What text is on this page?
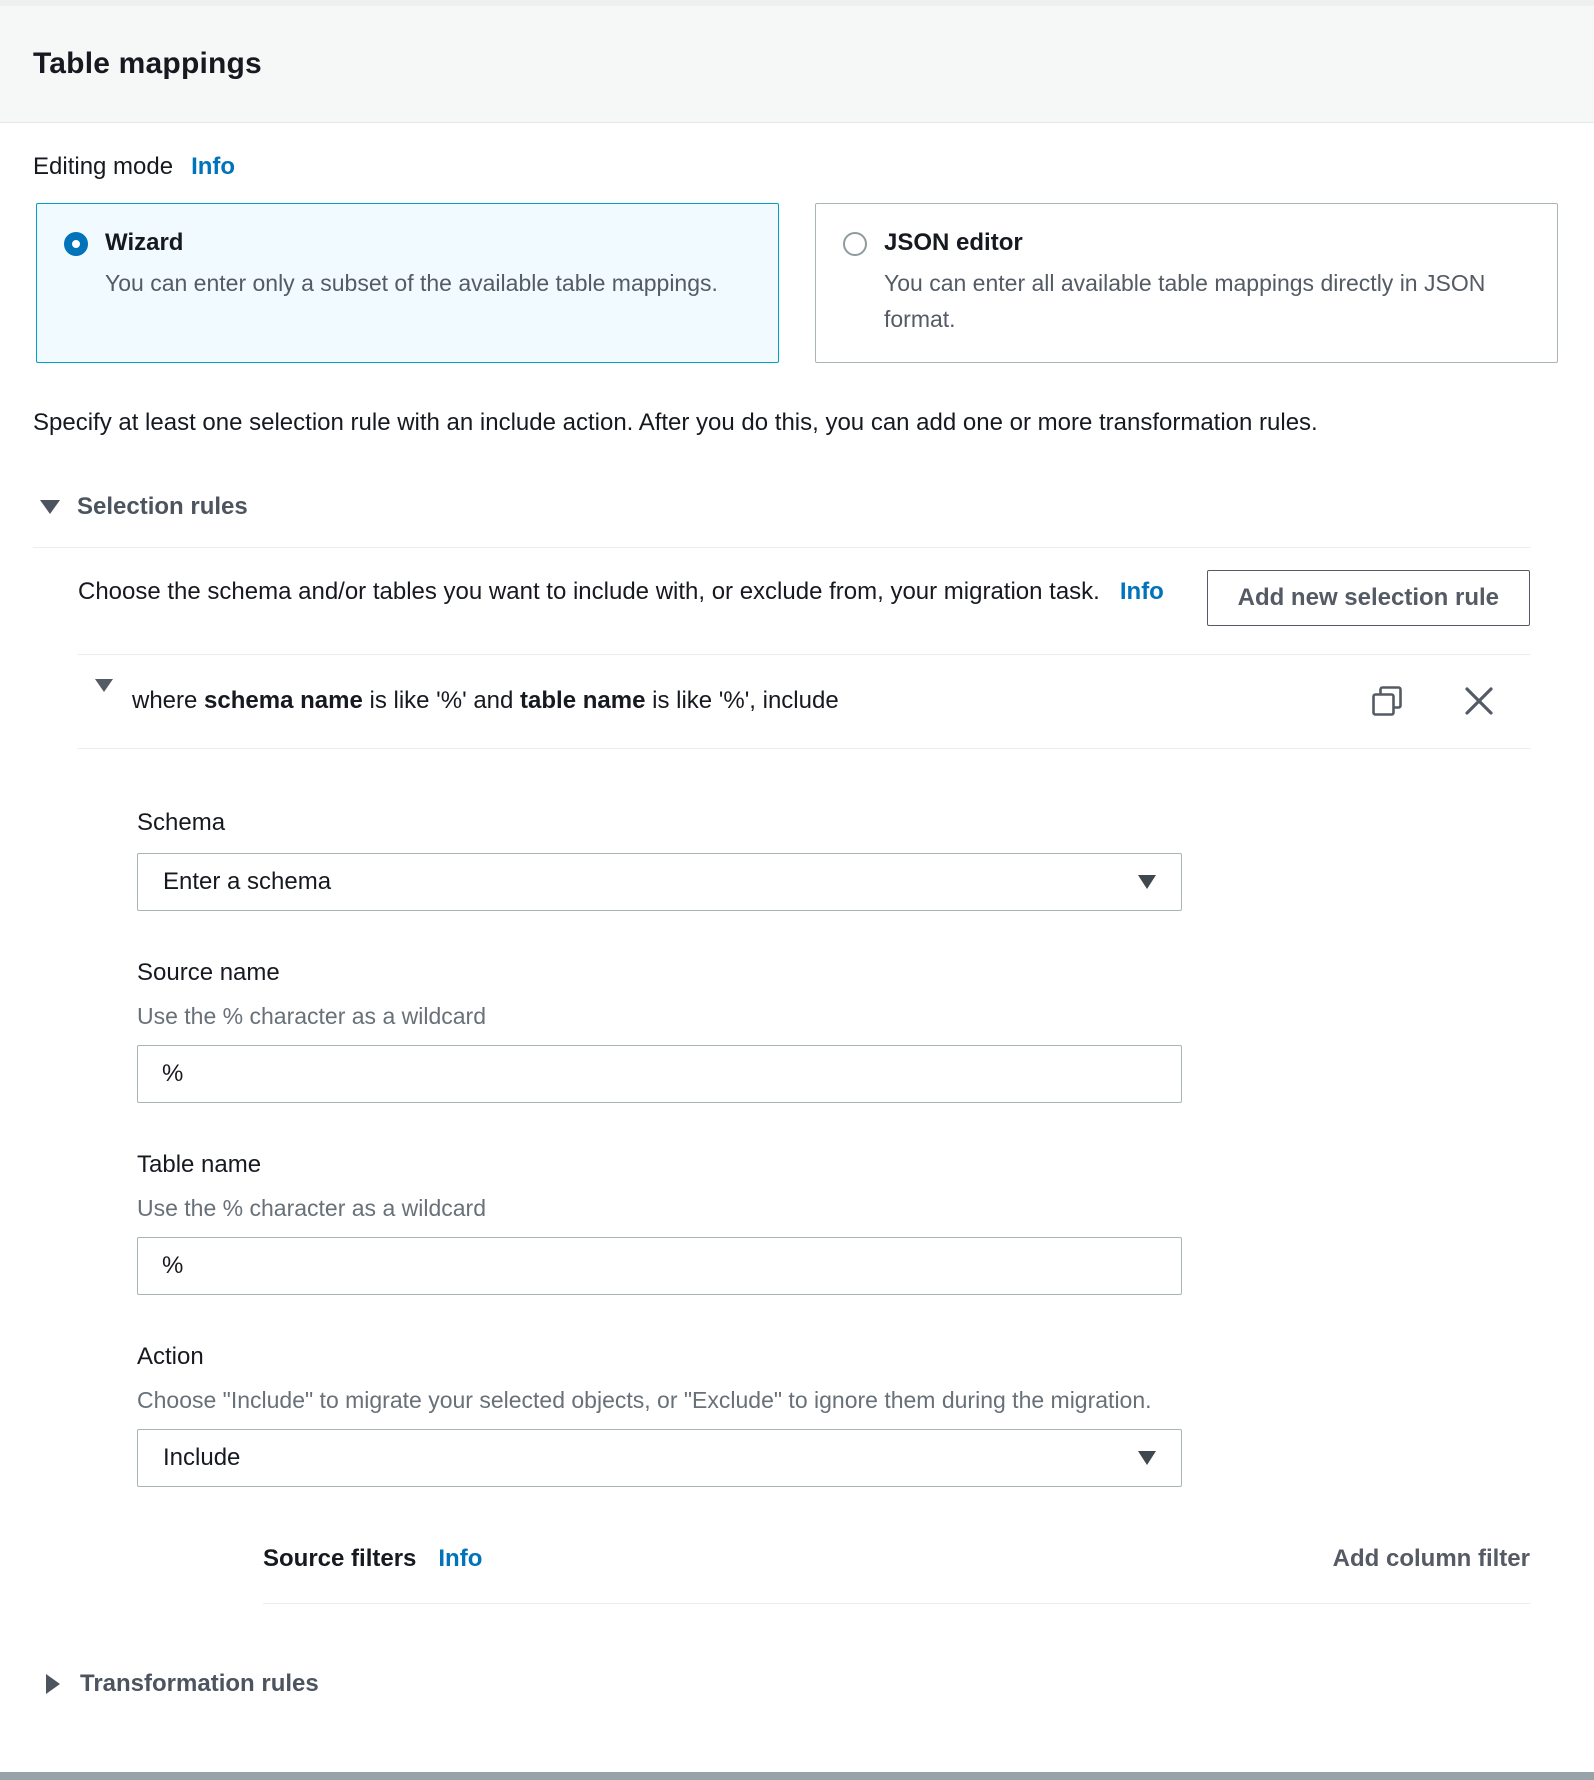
Table mappings
Editing mode Info
Wizard
You can enter only a subset of the available table mappings.
JSON editor
You can enter all available table mappings directly in JSON format.

Specify at least one selection rule with an include action. After you do this, you can add one or more transformation rules.

Selection rules
Choose the schema and/or tables you want to include with, or exclude from, your migration task. Info	Add new selection rule
where schema name is like '%' and table name is like '%', include
Schema
Enter a schema
Source name
Use the % character as a wildcard
%
Table name
Use the % character as a wildcard
%
Action
Choose "Include" to migrate your selected objects, or "Exclude" to ignore them during the migration.
Include
Source filters Info	Add column filter
Transformation rules
